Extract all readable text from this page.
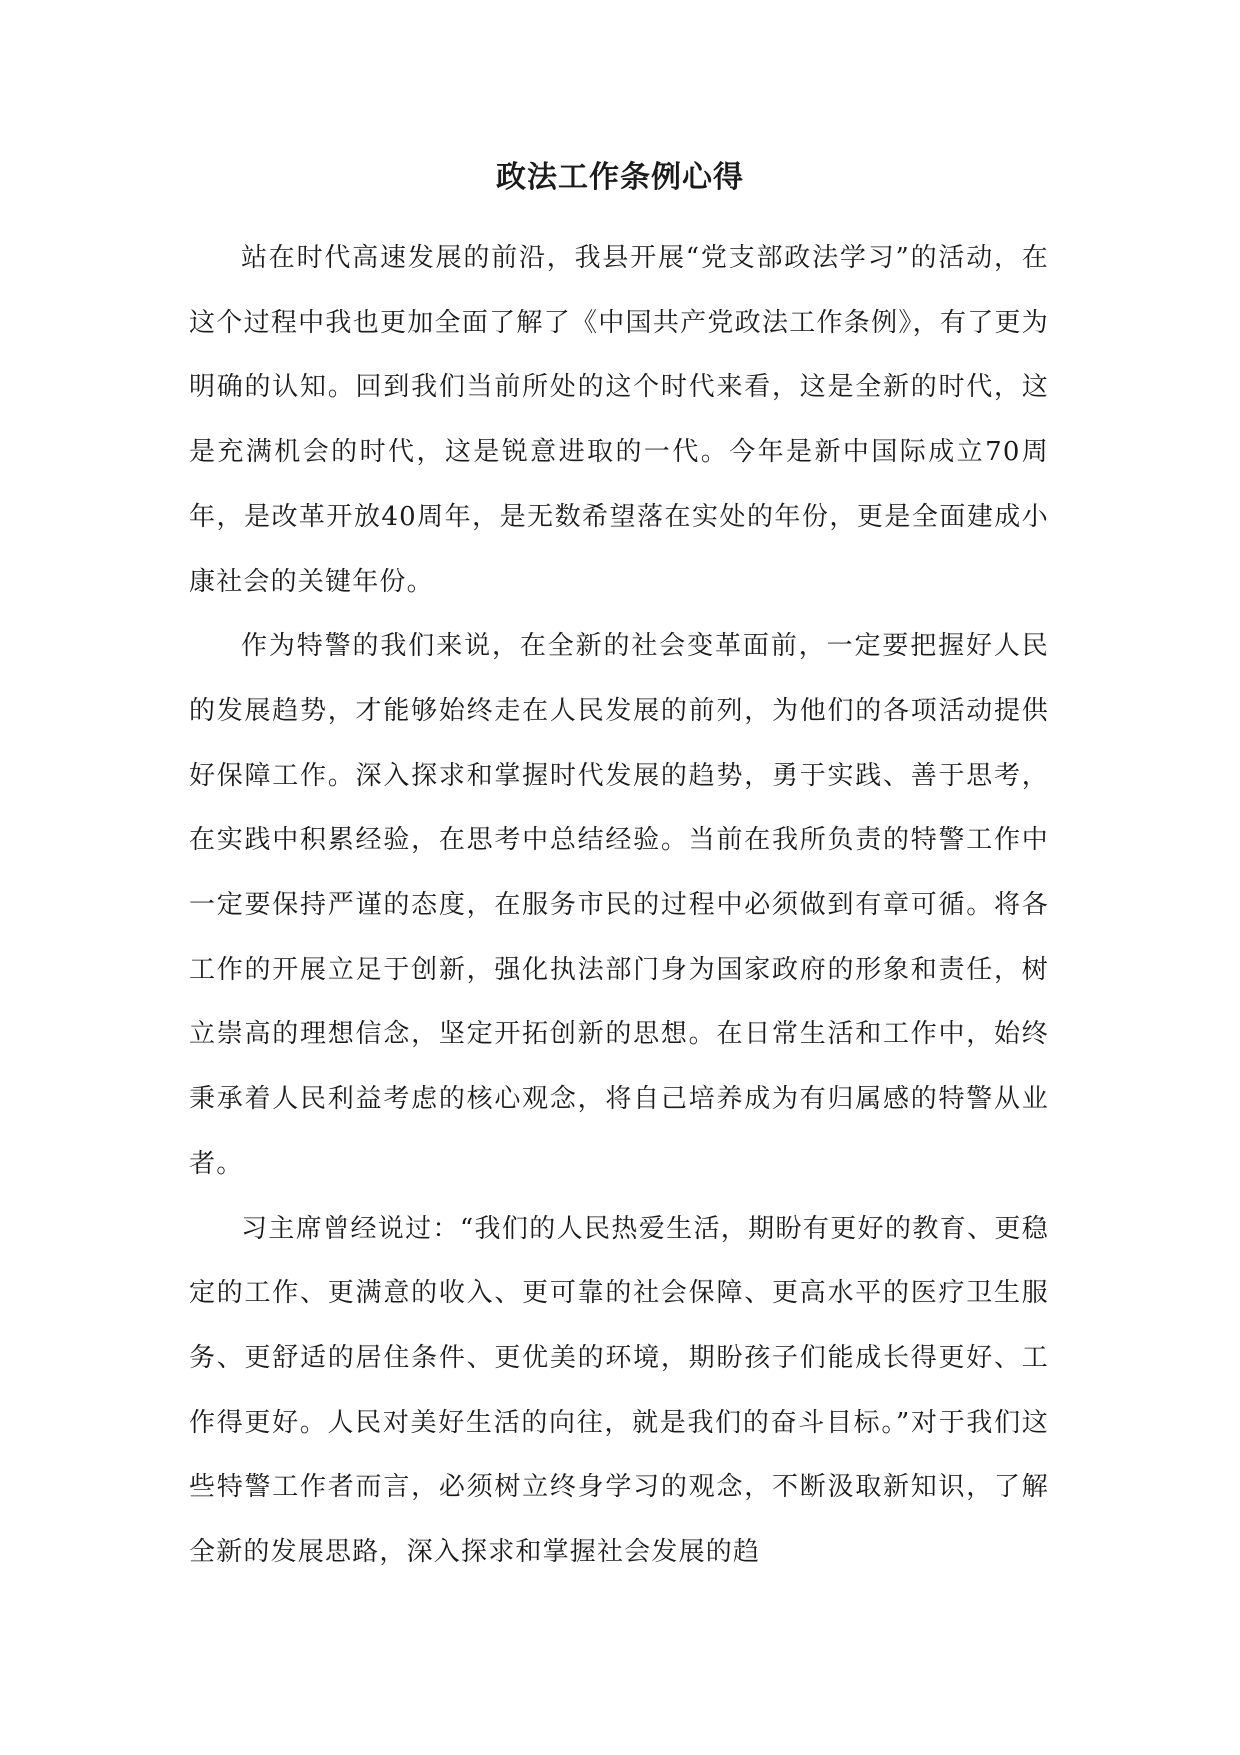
政法工作条例心得

站在时代高速发展的前沿，我县开展“党支部政法学习”的活动，在这个过程中我也更加全面了解了《中国共产党政法工作条例》，有了更为明确的认知。回到我们当前所处的这个时代来看，这是全新的时代，这是充满机会的时代，这是锐意进取的一代。今年是新中国际成立70周年，是改革开放40周年，是无数希望落在实处的年份，更是全面建成小康社会的关键年份。

作为特警的我们来说，在全新的社会变革面前，一定要把握好人民的发展趋势，才能够始终走在人民发展的前列，为他们的各项活动提供好保障工作。深入探求和掌握时代发展的趋势，勇于实践、善于思考，在实践中积累经验，在思考中总结经验。当前在我所负责的特警工作中一定要保持严谨的态度，在服务市民的过程中必须做到有章可循。将各工作的开展立足于创新，强化执法部门身为国家政府的形象和责任，树立崇高的理想信念，坚定开拓创新的思想。在日常生活和工作中，始终秉承着人民利益考虑的核心观念，将自己培养成为有归属感的特警从业者。

习主席曾经说过：“我们的人民热爱生活，期盼有更好的教育、更稳定的工作、更满意的收入、更可靠的社会保障、更高水平的医疗卫生服务、更舒适的居住条件、更优美的环境，期盼孩子们能成长得更好、工作得更好。人民对美好生活的向往，就是我们的奋斗目标。”对于我们这些特警工作者而言，必须树立终身学习的观念，不断汲取新知识，了解全新的发展思路，深入探求和掌握社会发展的趋
